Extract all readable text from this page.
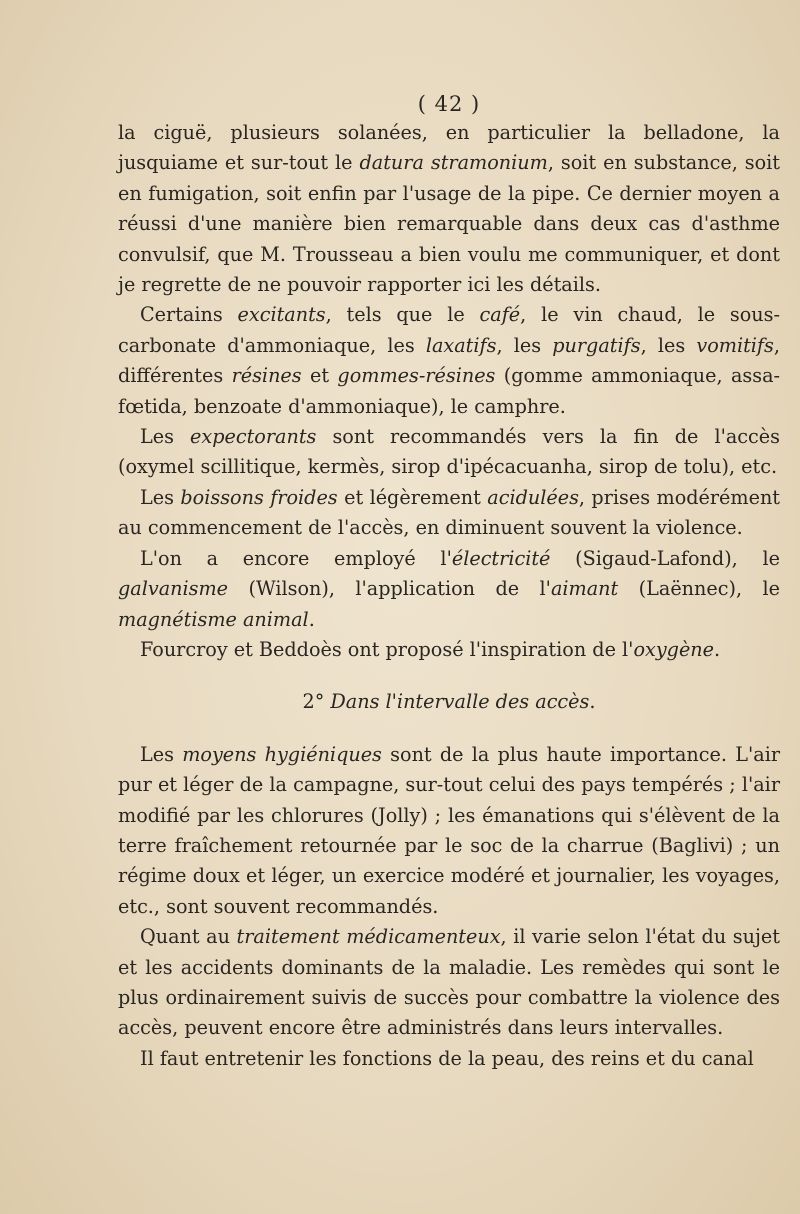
( 42 )

la ciguë, plusieurs solanées, en particulier la belladone, la jusquiame et sur-tout le datura stramonium, soit en substance, soit en fumigation, soit enfin par l'usage de la pipe. Ce dernier moyen a réussi d'une manière bien remarquable dans deux cas d'asthme convulsif, que M. Trousseau a bien voulu me communiquer, et dont je regrette de ne pouvoir rapporter ici les détails.

Certains excitants, tels que le café, le vin chaud, le sous-carbonate d'ammoniaque, les laxatifs, les purgatifs, les vomitifs, différentes résines et gommes-résines (gomme ammoniaque, assa-fœtida, benzoate d'ammoniaque), le camphre.

Les expectorants sont recommandés vers la fin de l'accès (oxymel scillitique, kermès, sirop d'ipécacuanha, sirop de tolu), etc.

Les boissons froides et légèrement acidulées, prises modérément au commencement de l'accès, en diminuent souvent la violence.

L'on a encore employé l'électricité (Sigaud-Lafond), le galvanisme (Wilson), l'application de l'aimant (Laënnec), le magnétisme animal.

Fourcroy et Beddoès ont proposé l'inspiration de l'oxygène.

2° Dans l'intervalle des accès.

Les moyens hygiéniques sont de la plus haute importance. L'air pur et léger de la campagne, sur-tout celui des pays tempérés ; l'air modifié par les chlorures (Jolly) ; les émanations qui s'élèvent de la terre fraîchement retournée par le soc de la charrue (Baglivi) ; un régime doux et léger, un exercice modéré et journalier, les voyages, etc., sont souvent recommandés.

Quant au traitement médicamenteux, il varie selon l'état du sujet et les accidents dominants de la maladie. Les remèdes qui sont le plus ordinairement suivis de succès pour combattre la violence des accès, peuvent encore être administrés dans leurs intervalles.

Il faut entretenir les fonctions de la peau, des reins et du canal
